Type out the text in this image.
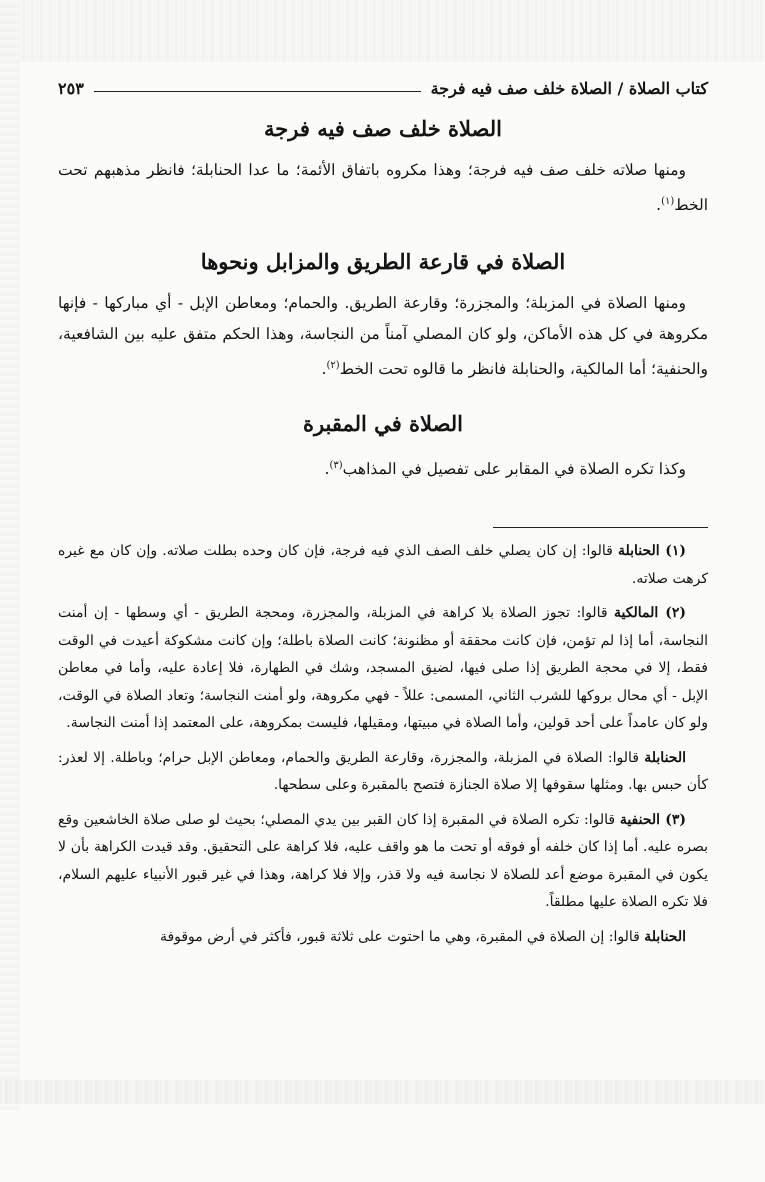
كتاب الصلاة / الصلاة خلف صف فيه فرجة
٢٥٣
الصلاة خلف صف فيه فرجة

ومنها صلاته خلف صف فيه فرجة؛ وهذا مكروه باتفاق الأئمة؛ ما عدا الحنابلة؛ فانظر مذهبهم تحت الخط$^{(١)}$.

الصلاة في قارعة الطريق والمزابل ونحوها

ومنها الصلاة في المزبلة؛ والمجزرة؛ وقارعة الطريق. والحمام؛ ومعاطن الإبل - أي مباركها - فإنها مكروهة في كل هذه الأماكن، ولو كان المصلي آمناً من النجاسة، وهذا الحكم متفق عليه بين الشافعية، والحنفية؛ أما المالكية، والحنابلة فانظر ما قالوه تحت الخط$^{(٢)}$.

الصلاة في المقبرة

وكذا تكره الصلاة في المقابر على تفصيل في المذاهب$^{(٣)}$.

(١) الحنابلة قالوا: إن كان يصلي خلف الصف الذي فيه فرجة، فإن كان وحده بطلت صلاته. وإن كان مع غيره كرهت صلاته.

(٢) المالكية قالوا: تجوز الصلاة بلا كراهة في المزبلة، والمجزرة، ومحجة الطريق - أي وسطها - إن أمنت النجاسة، أما إذا لم تؤمن، فإن كانت محققة أو مظنونة؛ كانت الصلاة باطلة؛ وإن كانت مشكوكة أعيدت في الوقت فقط، إلا في محجة الطريق إذا صلى فيها، لضيق المسجد، وشك في الطهارة، فلا إعادة عليه، وأما في معاطن الإبل - أي محال بروكها للشرب الثاني، المسمى: عللاً - فهي مكروهة، ولو أمنت النجاسة؛ وتعاد الصلاة في الوقت، ولو كان عامداً على أحد قولين، وأما الصلاة في مبيتها، ومقيلها، فليست بمكروهة، على المعتمد إذا أمنت النجاسة.

الحنابلة قالوا: الصلاة في المزبلة، والمجزرة، وقارعة الطريق والحمام، ومعاطن الإبل حرام؛ وباطلة. إلا لعذر: كأن حبس بها. ومثلها سقوفها إلا صلاة الجنازة فتصح بالمقبرة وعلى سطحها.

(٣) الحنفية قالوا: تكره الصلاة في المقبرة إذا كان القبر بين يدي المصلي؛ بحيث لو صلى صلاة الخاشعين وقع بصره عليه. أما إذا كان خلفه أو فوقه أو تحت ما هو واقف عليه، فلا كراهة على التحقيق. وقد قيدت الكراهة بأن لا يكون في المقبرة موضع أعد للصلاة لا نجاسة فيه ولا قذر، وإلا فلا كراهة، وهذا في غير قبور الأنبياء عليهم السلام، فلا تكره الصلاة عليها مطلقاً.

الحنابلة قالوا: إن الصلاة في المقبرة، وهي ما احتوت على ثلاثة قبور، فأكثر في أرض موقوفة
